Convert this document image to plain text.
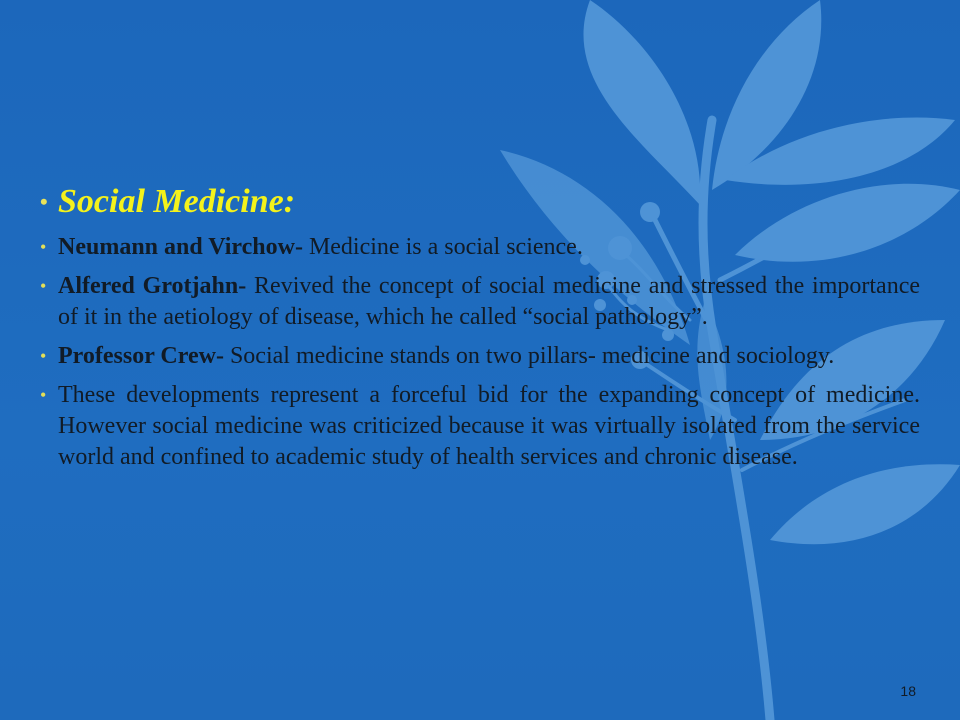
• Social Medicine:
• Neumann and Virchow- Medicine is a social science.
• Alfered Grotjahn- Revived the concept of social medicine and stressed the importance of it in the aetiology of disease, which he called “social pathology”.
• Professor Crew- Social medicine stands on two pillars- medicine and sociology.
• These developments represent a forceful bid for the expanding concept of medicine. However social medicine was criticized because it was virtually isolated from the service world and confined to academic study of health services and chronic disease.
18
